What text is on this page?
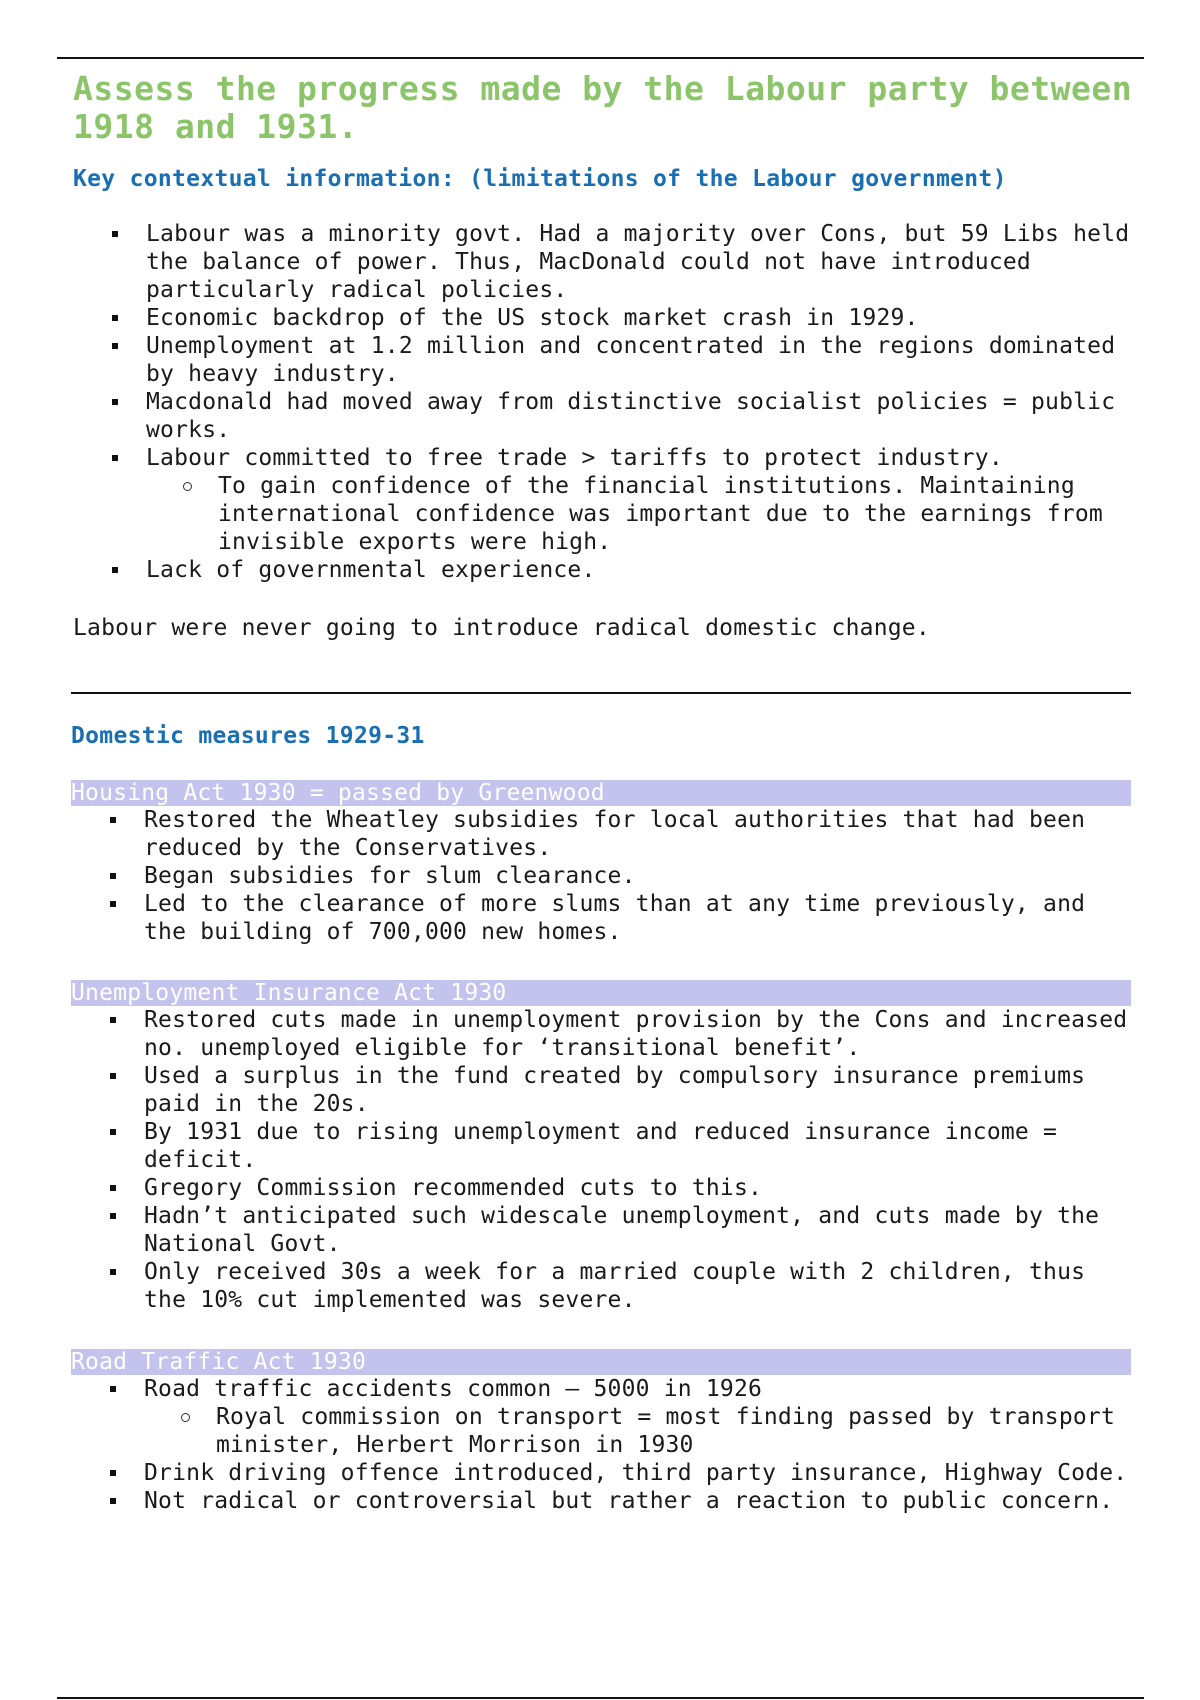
Assess the progress made by the Labour party between 1918 and 1931.
Key contextual information: (limitations of the Labour government)
Labour was a minority govt. Had a majority over Cons, but 59 Libs held the balance of power. Thus, MacDonald could not have introduced particularly radical policies.
Economic backdrop of the US stock market crash in 1929.
Unemployment at 1.2 million and concentrated in the regions dominated by heavy industry.
Macdonald had moved away from distinctive socialist policies = public works.
Labour committed to free trade > tariffs to protect industry.
To gain confidence of the financial institutions. Maintaining international confidence was important due to the earnings from invisible exports were high.
Lack of governmental experience.

Labour were never going to introduce radical domestic change.

Domestic measures 1929-31
Housing Act 1930 = passed by Greenwood
Restored the Wheatley subsidies for local authorities that had been reduced by the Conservatives.
Began subsidies for slum clearance.
Led to the clearance of more slums than at any time previously, and the building of 700,000 new homes.
Unemployment Insurance Act 1930
Restored cuts made in unemployment provision by the Cons and increased no. unemployed eligible for ‘transitional benefit’.
Used a surplus in the fund created by compulsory insurance premiums paid in the 20s.
By 1931 due to rising unemployment and reduced insurance income = deficit.
Gregory Commission recommended cuts to this.
Hadn’t anticipated such widescale unemployment, and cuts made by the National Govt.
Only received 30s a week for a married couple with 2 children, thus the 10% cut implemented was severe.
Road Traffic Act 1930
Road traffic accidents common – 5000 in 1926
Royal commission on transport = most finding passed by transport minister, Herbert Morrison in 1930
Drink driving offence introduced, third party insurance, Highway Code.
Not radical or controversial but rather a reaction to public concern.
